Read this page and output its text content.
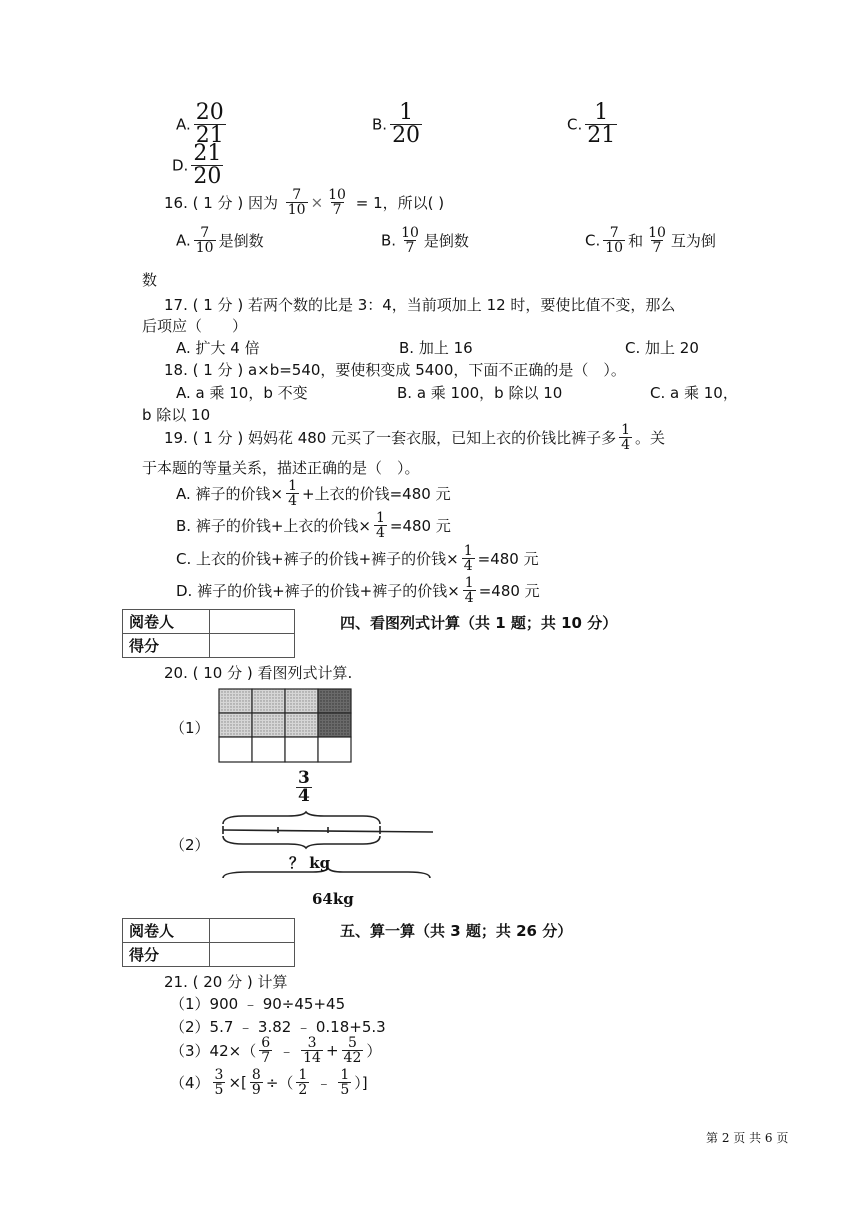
A. $\frac{20}{21}$	B. $\frac{1}{20}$	C. $\frac{1}{21}$
D. $\frac{21}{20}$
16. ( 1 分 ) 因为 $\frac{7}{10} \times \frac{10}{7} = 1$，所以( )
A. $\frac{7}{10}$ 是倒数	B. $\frac{10}{7}$ 是倒数	C. $\frac{7}{10}$ 和 $\frac{10}{7}$ 互为倒
数
17. ( 1 分 ) 若两个数的比是 3：4，当前项加上 12 时，要使比值不变，那么
后项应（　　）
A. 扩大 4 倍	B. 加上 16	C. 加上 20
18. ( 1 分 ) a×b=540，要使积变成 5400，下面不正确的是（　）。
A. a 乘 10，b 不变	B. a 乘 100，b 除以 10	C. a 乘 10，
b 除以 10
19. ( 1 分 ) 妈妈花 480 元买了一套衣服，已知上衣的价钱比裤子多 $\frac{1}{4}$ 。关
于本题的等量关系，描述正确的是（　）。
A. 裤子的价钱× $\frac{1}{4}$ +上衣的价钱=480 元
B. 裤子的价钱+上衣的价钱× $\frac{1}{4} =480$ 元
C. 上衣的价钱+裤子的价钱+裤子的价钱× $\frac{1}{4} =480$ 元
D. 裤子的价钱+裤子的价钱+裤子的价钱× $\frac{1}{4} =480$ 元
阅卷人	
得分	
四、看图列式计算（共 1 题；共 10 分）
20. ( 10 分 ) 看图列式计算.
（1）
$\frac{3}{4}$
（2）
？ kg
64kg
阅卷人	
得分	
五、算一算（共 3 题；共 26 分）
21. ( 20 分 ) 计算
（1）900 ﹣ 90÷45+45
（2）5.7 ﹣ 3.82 ﹣ 0.18+5.3
$(3)42\times( \frac{6}{7}$ ﹣ $\frac{3}{14} + \frac{5}{42}$ ）
$(4) \frac{3}{5}$ ×[ $\frac{8}{9}$ ÷（ $\frac{1}{2}$ ﹣ $\frac{1}{5}$ ）]
第 2 页 共 6 页
